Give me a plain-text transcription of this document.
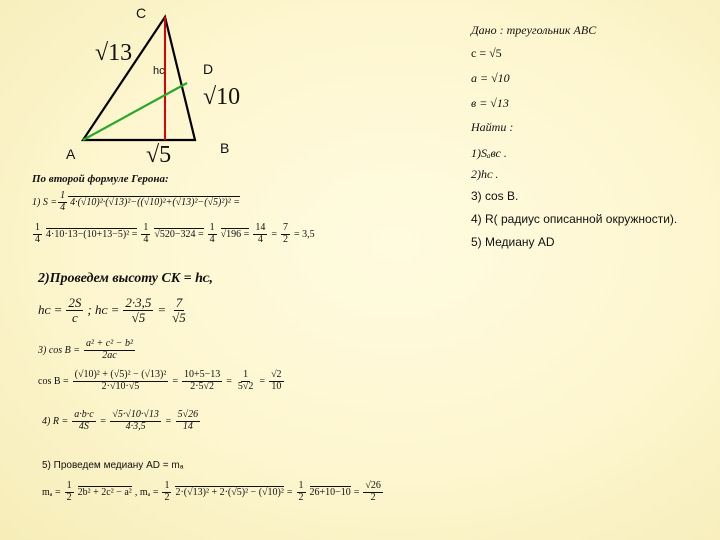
C
A	B
D
hᴄ
√13
√5
√10
Дано : треугольник ABC
c = √5
a = √10
в = √13
Найти :
1)Sₐвс .
2)hᴄ .
3) cos B.
4) R( радиус описанной окружности).
5) Медиану AD
По второй формуле Герона:
1) $S = \frac{1}{4} 4\cdot(√10)^2\cdot(√13)^2-((√10)^2+(√13)^2-(√5)^2)^2$ =
$\frac{1}{4} 4\cdot 10\cdot 13-(10+13-5)^2 = \frac{1}{4} √520-324 = \frac{1}{4} √196 = \frac{14}{4} = \frac{7}{2} = 3,5$
2)Проведем высоту CK = hᴄ,
hᴄ = $\frac{2S}{c}$ ; hᴄ = $\frac{2\cdot 3,5}{√5} = \frac{7}{√5}$
3) $\cos B = \frac{\text{a² + c² − b²}}{2ac}$
$\cos B = \frac{\text{(√10)² + (√5)² − (√13)²}}{2\cdot√10\cdot√5} = \frac{10+5-13}{2\cdot 5√2} = \frac{1}{5√2} = \frac{√2}{10}$
4) $R = \frac{a\cdot b\cdot c}{4S} = \frac{√5\cdot√10\cdot√13}{4\cdot 3,5} = \frac{5√26}{14}$
5) Проведем медиану AD = mₐ
$m_a = \frac{1}{2} 2b^2 + 2c^2 - a^2$ , $m_a = \frac{1}{2} 2\cdot(√13)^2 + 2\cdot(√5)^2 - (√10)^2 = \frac{1}{2} 26+10-10 = \frac{√26}{2}$
